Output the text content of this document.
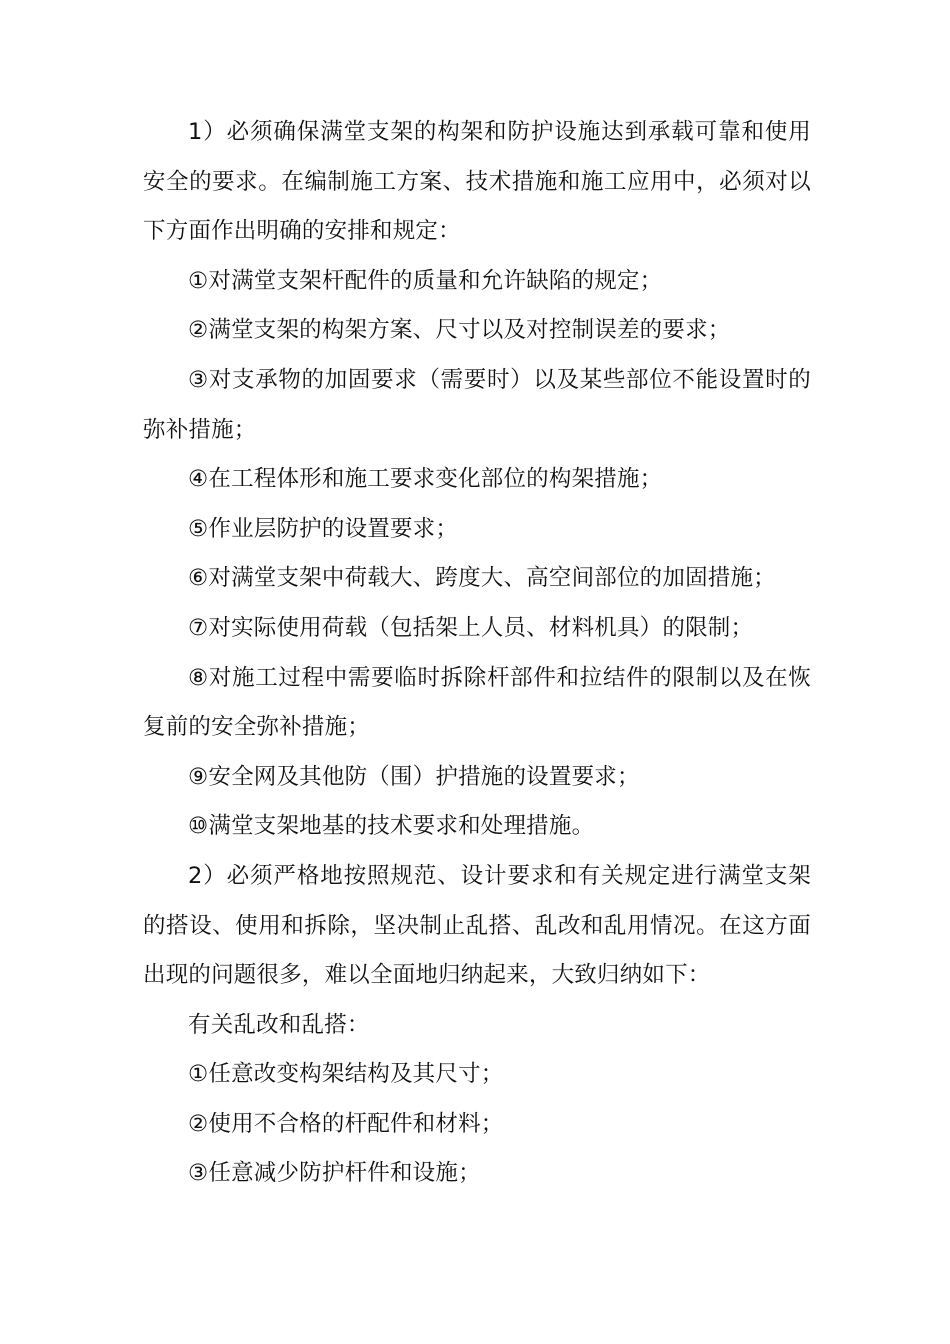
1）必须确保满堂支架的构架和防护设施达到承载可靠和使用安全的要求。在编制施工方案、技术措施和施工应用中，必须对以下方面作出明确的安排和规定：

①对满堂支架杆配件的质量和允许缺陷的规定；

②满堂支架的构架方案、尺寸以及对控制误差的要求；

③对支承物的加固要求（需要时）以及某些部位不能设置时的弥补措施；

④在工程体形和施工要求变化部位的构架措施；

⑤作业层防护的设置要求；

⑥对满堂支架中荷载大、跨度大、高空间部位的加固措施；

⑦对实际使用荷载（包括架上人员、材料机具）的限制；

⑧对施工过程中需要临时拆除杆部件和拉结件的限制以及在恢复前的安全弥补措施；

⑨安全网及其他防（围）护措施的设置要求；

⑩满堂支架地基的技术要求和处理措施。

2）必须严格地按照规范、设计要求和有关规定进行满堂支架的搭设、使用和拆除，坚决制止乱搭、乱改和乱用情况。在这方面出现的问题很多，难以全面地归纳起来，大致归纳如下：

有关乱改和乱搭：

①任意改变构架结构及其尺寸；

②使用不合格的杆配件和材料；

③任意减少防护杆件和设施；
